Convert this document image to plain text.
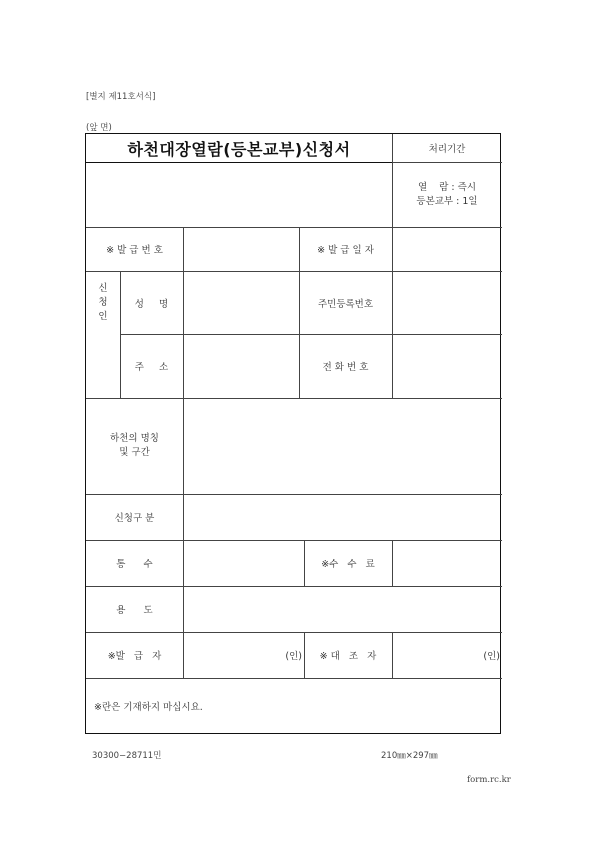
[별지 제11호서식]
(앞 면)
하천대장열람(등본교부)신청서	처리기간
열    람 : 즉시
등본교부 : 1일
※ 발 급 번 호	※ 발 급 일 자
신
청
인
성     명	주민등록번호
주     소	전 화 번 호
하천의 명칭
및 구간
신청구 분
통      수	※수   수   료
용      도
※발   급   자	(인)	※ 대   조   자	(인)
※란은 기재하지 마십시요.
30300−28711민	210㎜×297㎜
form.rc.kr
